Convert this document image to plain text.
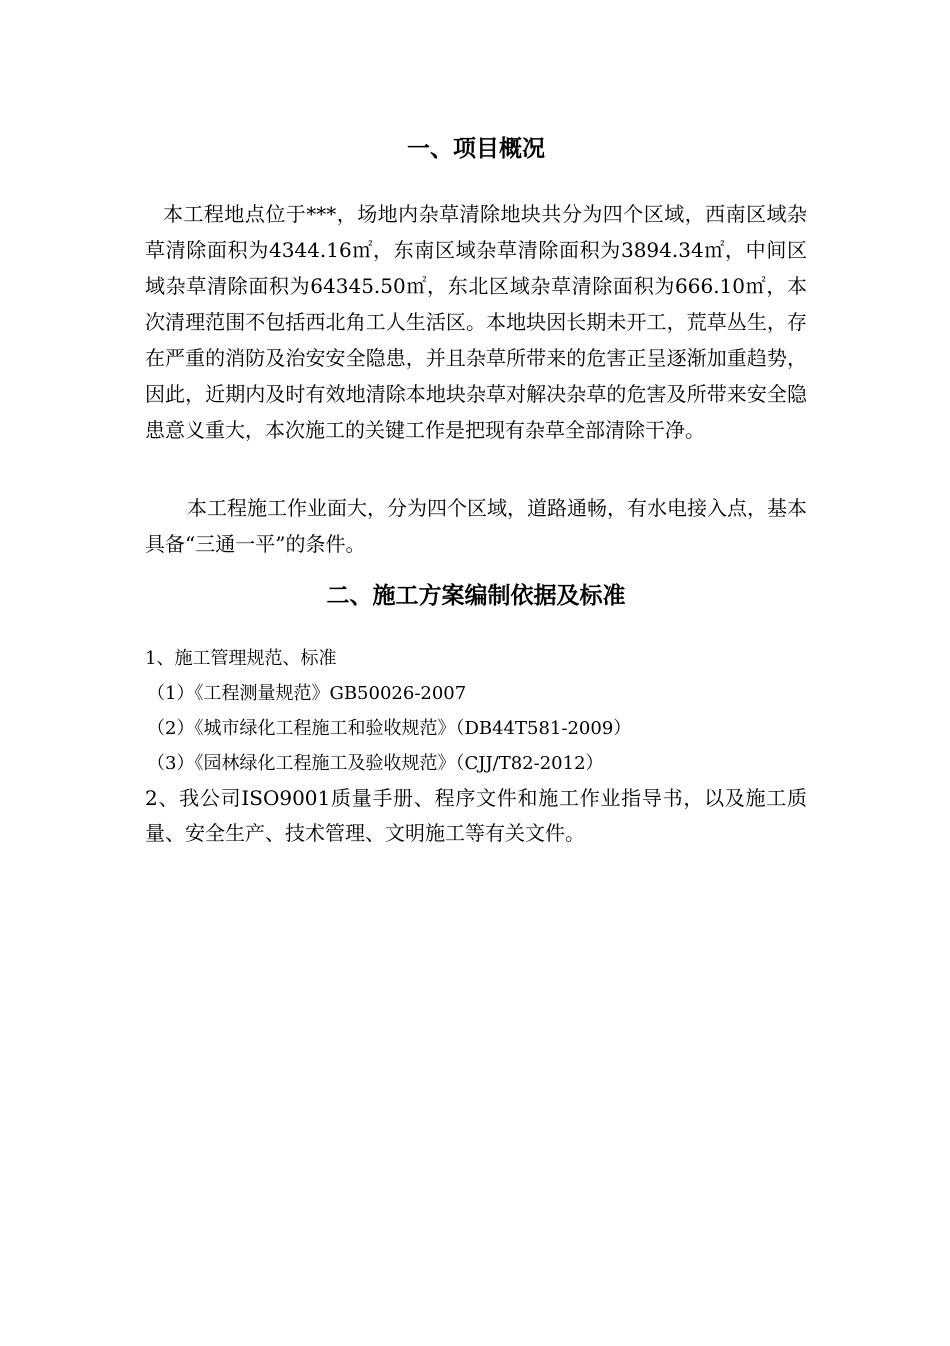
一、项目概况

本工程地点位于***，场地内杂草清除地块共分为四个区域，西南区域杂草清除面积为4344.16㎡，东南区域杂草清除面积为3894.34㎡，中间区域杂草清除面积为64345.50㎡，东北区域杂草清除面积为666.10㎡，本次清理范围不包括西北角工人生活区。本地块因长期未开工，荒草丛生，存在严重的消防及治安安全隐患，并且杂草所带来的危害正呈逐渐加重趋势，因此，近期内及时有效地清除本地块杂草对解决杂草的危害及所带来安全隐患意义重大，本次施工的关键工作是把现有杂草全部清除干净。

本工程施工作业面大，分为四个区域，道路通畅，有水电接入点，基本具备“三通一平”的条件。

二、施工方案编制依据及标准
1、施工管理规范、标准
（1）《工程测量规范》GB50026-2007
（2）《城市绿化工程施工和验收规范》（DB44T581-2009）
（3）《园林绿化工程施工及验收规范》（CJJ/T82-2012）
2、我公司ISO9001质量手册、程序文件和施工作业指导书，以及施工质量、安全生产、技术管理、文明施工等有关文件。
